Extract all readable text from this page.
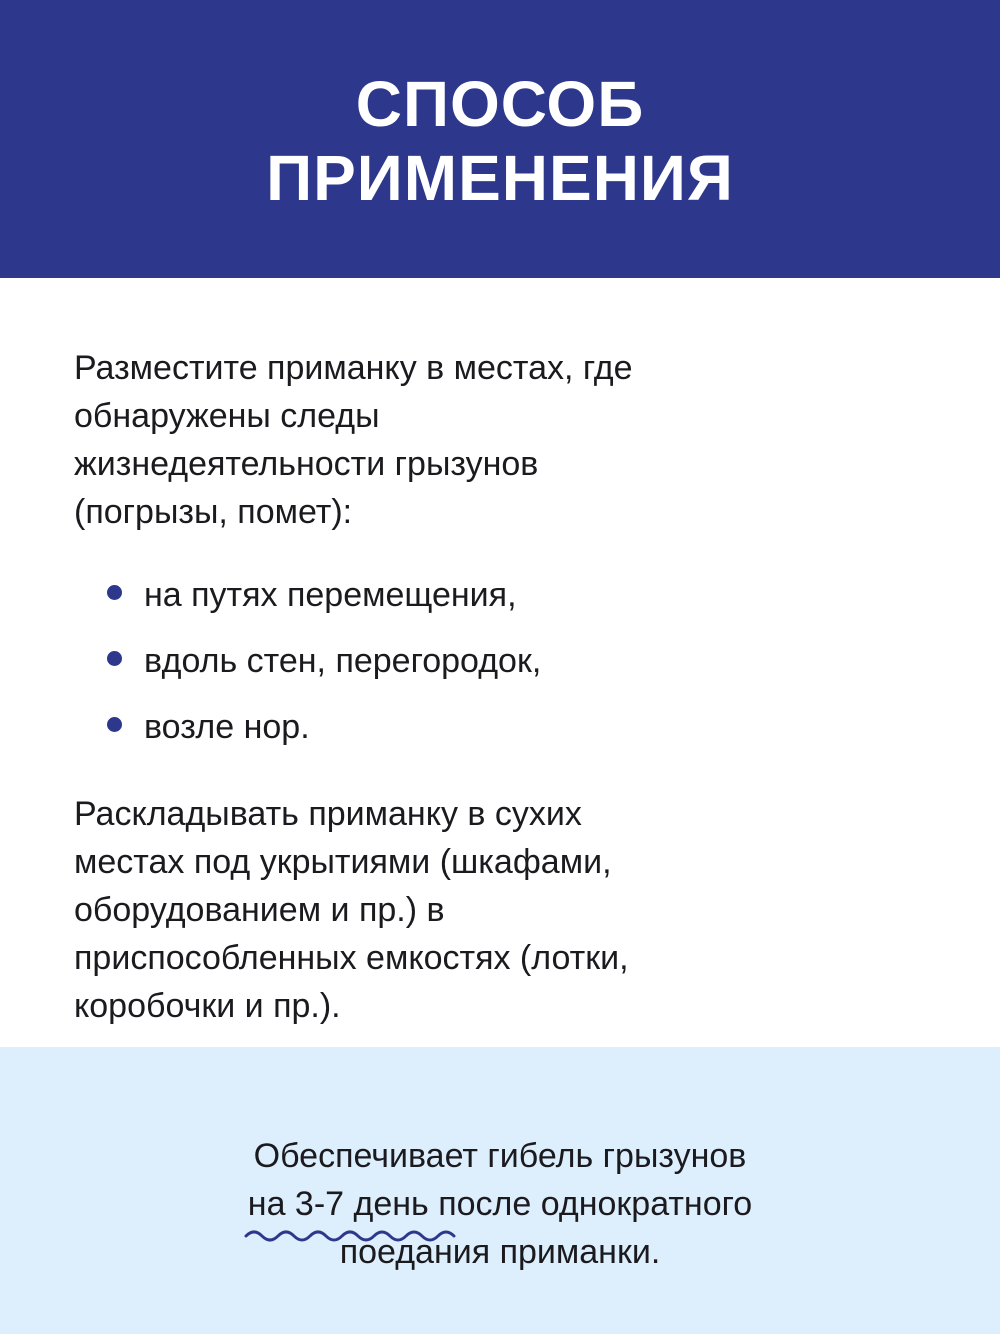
СПОСОБ
ПРИМЕНЕНИЯ

Разместите приманку в местах, где
обнаружены следы
жизнедеятельности грызунов
(погрызы, помет):

на путях перемещения,
вдоль стен, перегородок,
возле нор.

Раскладывать приманку в сухих
местах под укрытиями (шкафами,
оборудованием и пр.) в
приспособленных емкостях (лотки,
коробочки и пр.).

Обеспечивает гибель грызунов
на 3-7 день
после однократного
поедания приманки.
